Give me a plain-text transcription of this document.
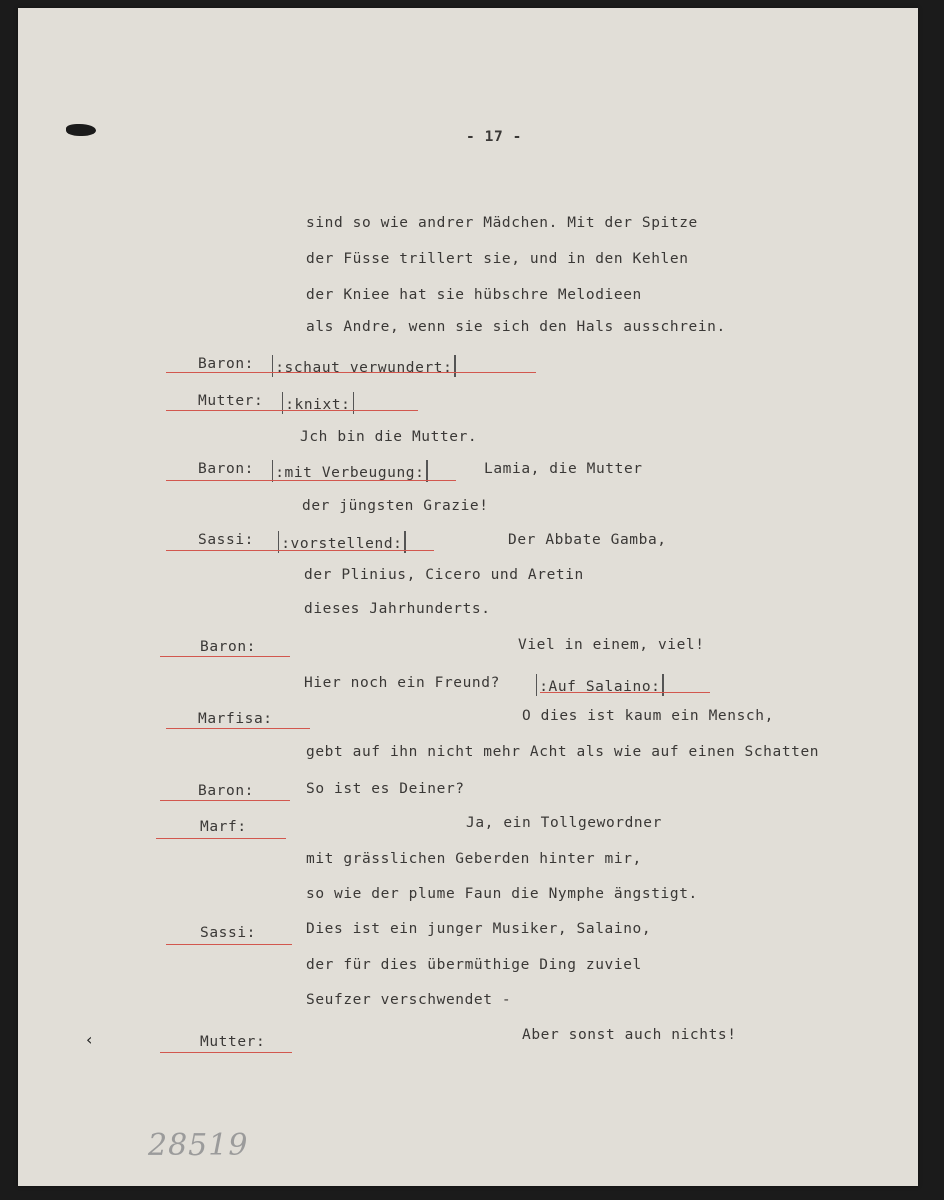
- 17 -
sind so wie andrer Mädchen. Mit der Spitze
der Füsse trillert sie, und in den Kehlen
der Kniee hat sie hübschre Melodieen
als Andre, wenn sie sich den Hals ausschrein.
Baron:	:schaut verwundert:
Mutter:	:knixt:
Jch bin die Mutter.
Baron:	:mit Verbeugung:	Lamia, die Mutter
der jüngsten Grazie!
Sassi:	:vorstellend:	Der Abbate Gamba,
der Plinius, Cicero und Aretin
dieses Jahrhunderts.
Baron:	Viel in einem, viel!
Hier noch ein Freund?	:Auf Salaino:
Marfisa:	O dies ist kaum ein Mensch,
gebt auf ihn nicht mehr Acht als wie auf einen Schatten
Baron:	So ist es Deiner?
Marf:	Ja, ein Tollgewordner
mit grässlichen Geberden hinter mir,
so wie der plume Faun die Nymphe ängstigt.
Sassi:	Dies ist ein junger Musiker, Salaino,
der für dies übermüthige Ding zuviel
Seufzer verschwendet -
Mutter:	Aber sonst auch nichts!
‹
28519
